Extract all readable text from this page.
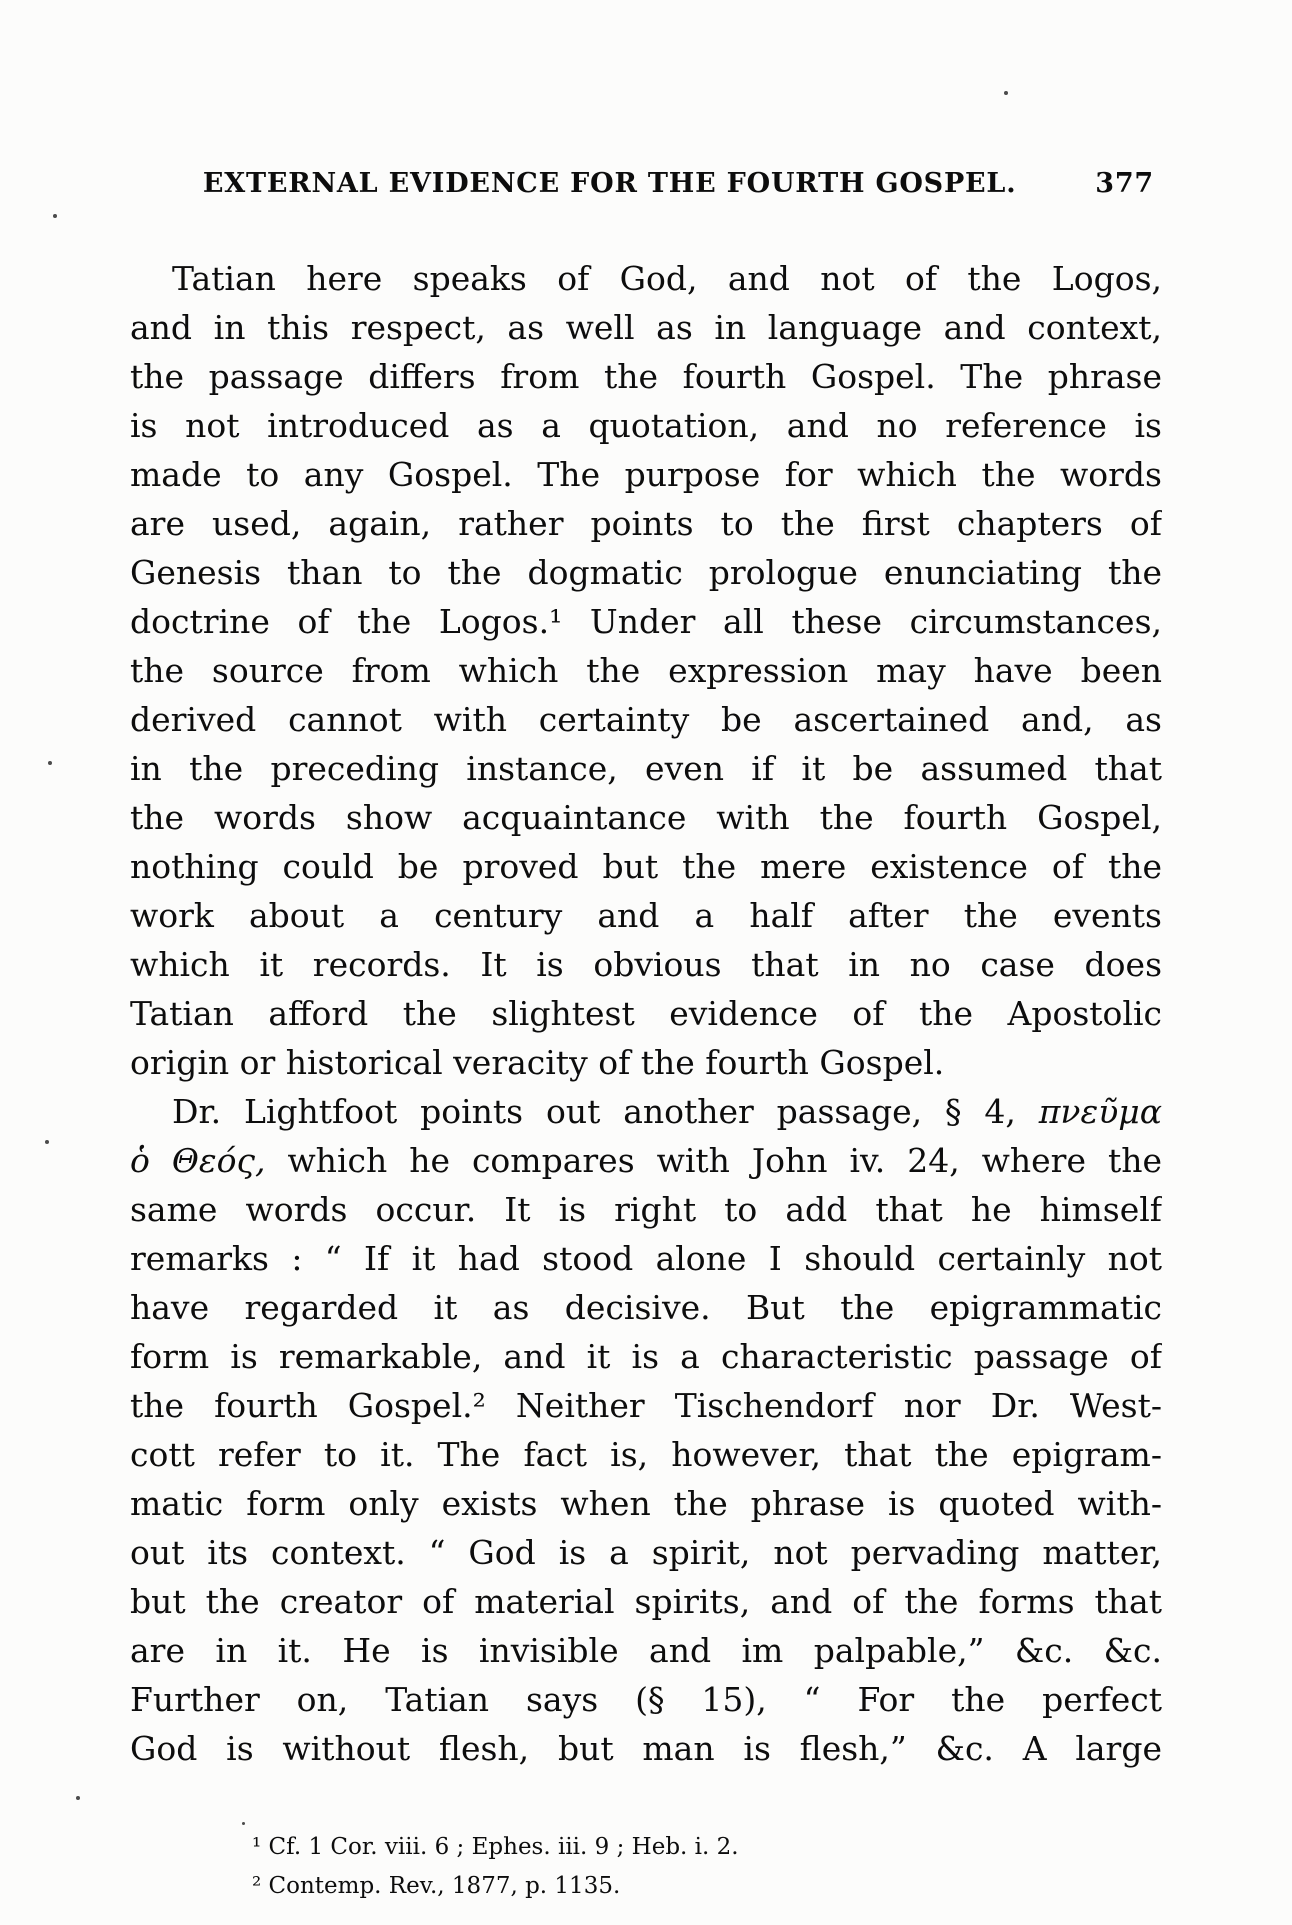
EXTERNAL EVIDENCE FOR THE FOURTH GOSPEL.	377
Tatian here speaks of God, and not of the Logos,
and in this respect, as well as in language and context,
the passage differs from the fourth Gospel. The phrase
is not introduced as a quotation, and no reference is
made to any Gospel. The purpose for which the words
are used, again, rather points to the first chapters of
Genesis than to the dogmatic prologue enunciating the
doctrine of the Logos.¹ Under all these circumstances,
the source from which the expression may have been
derived cannot with certainty be ascertained and, as
in the preceding instance, even if it be assumed that
the words show acquaintance with the fourth Gospel,
nothing could be proved but the mere existence of the
work about a century and a half after the events
which it records. It is obvious that in no case does
Tatian afford the slightest evidence of the Apostolic
origin or historical veracity of the fourth Gospel.
Dr. Lightfoot points out another passage, § 4, πνεῦμα
ὁ Θεός, which he compares with John iv. 24, where the
same words occur. It is right to add that he himself
remarks : “ If it had stood alone I should certainly not
have regarded it as decisive. But the epigrammatic
form is remarkable, and it is a characteristic passage of
the fourth Gospel.² Neither Tischendorf nor Dr. West-
cott refer to it. The fact is, however, that the epigram-
matic form only exists when the phrase is quoted with-
out its context. “ God is a spirit, not pervading matter,
but the creator of material spirits, and of the forms that
are in it. He is invisible and im palpable,” &c. &c.
Further on, Tatian says (§ 15), “ For the perfect
God is without flesh, but man is flesh,” &c. A large
¹ Cf. 1 Cor. viii. 6 ; Ephes. iii. 9 ; Heb. i. 2.
² Contemp. Rev., 1877, p. 1135.
